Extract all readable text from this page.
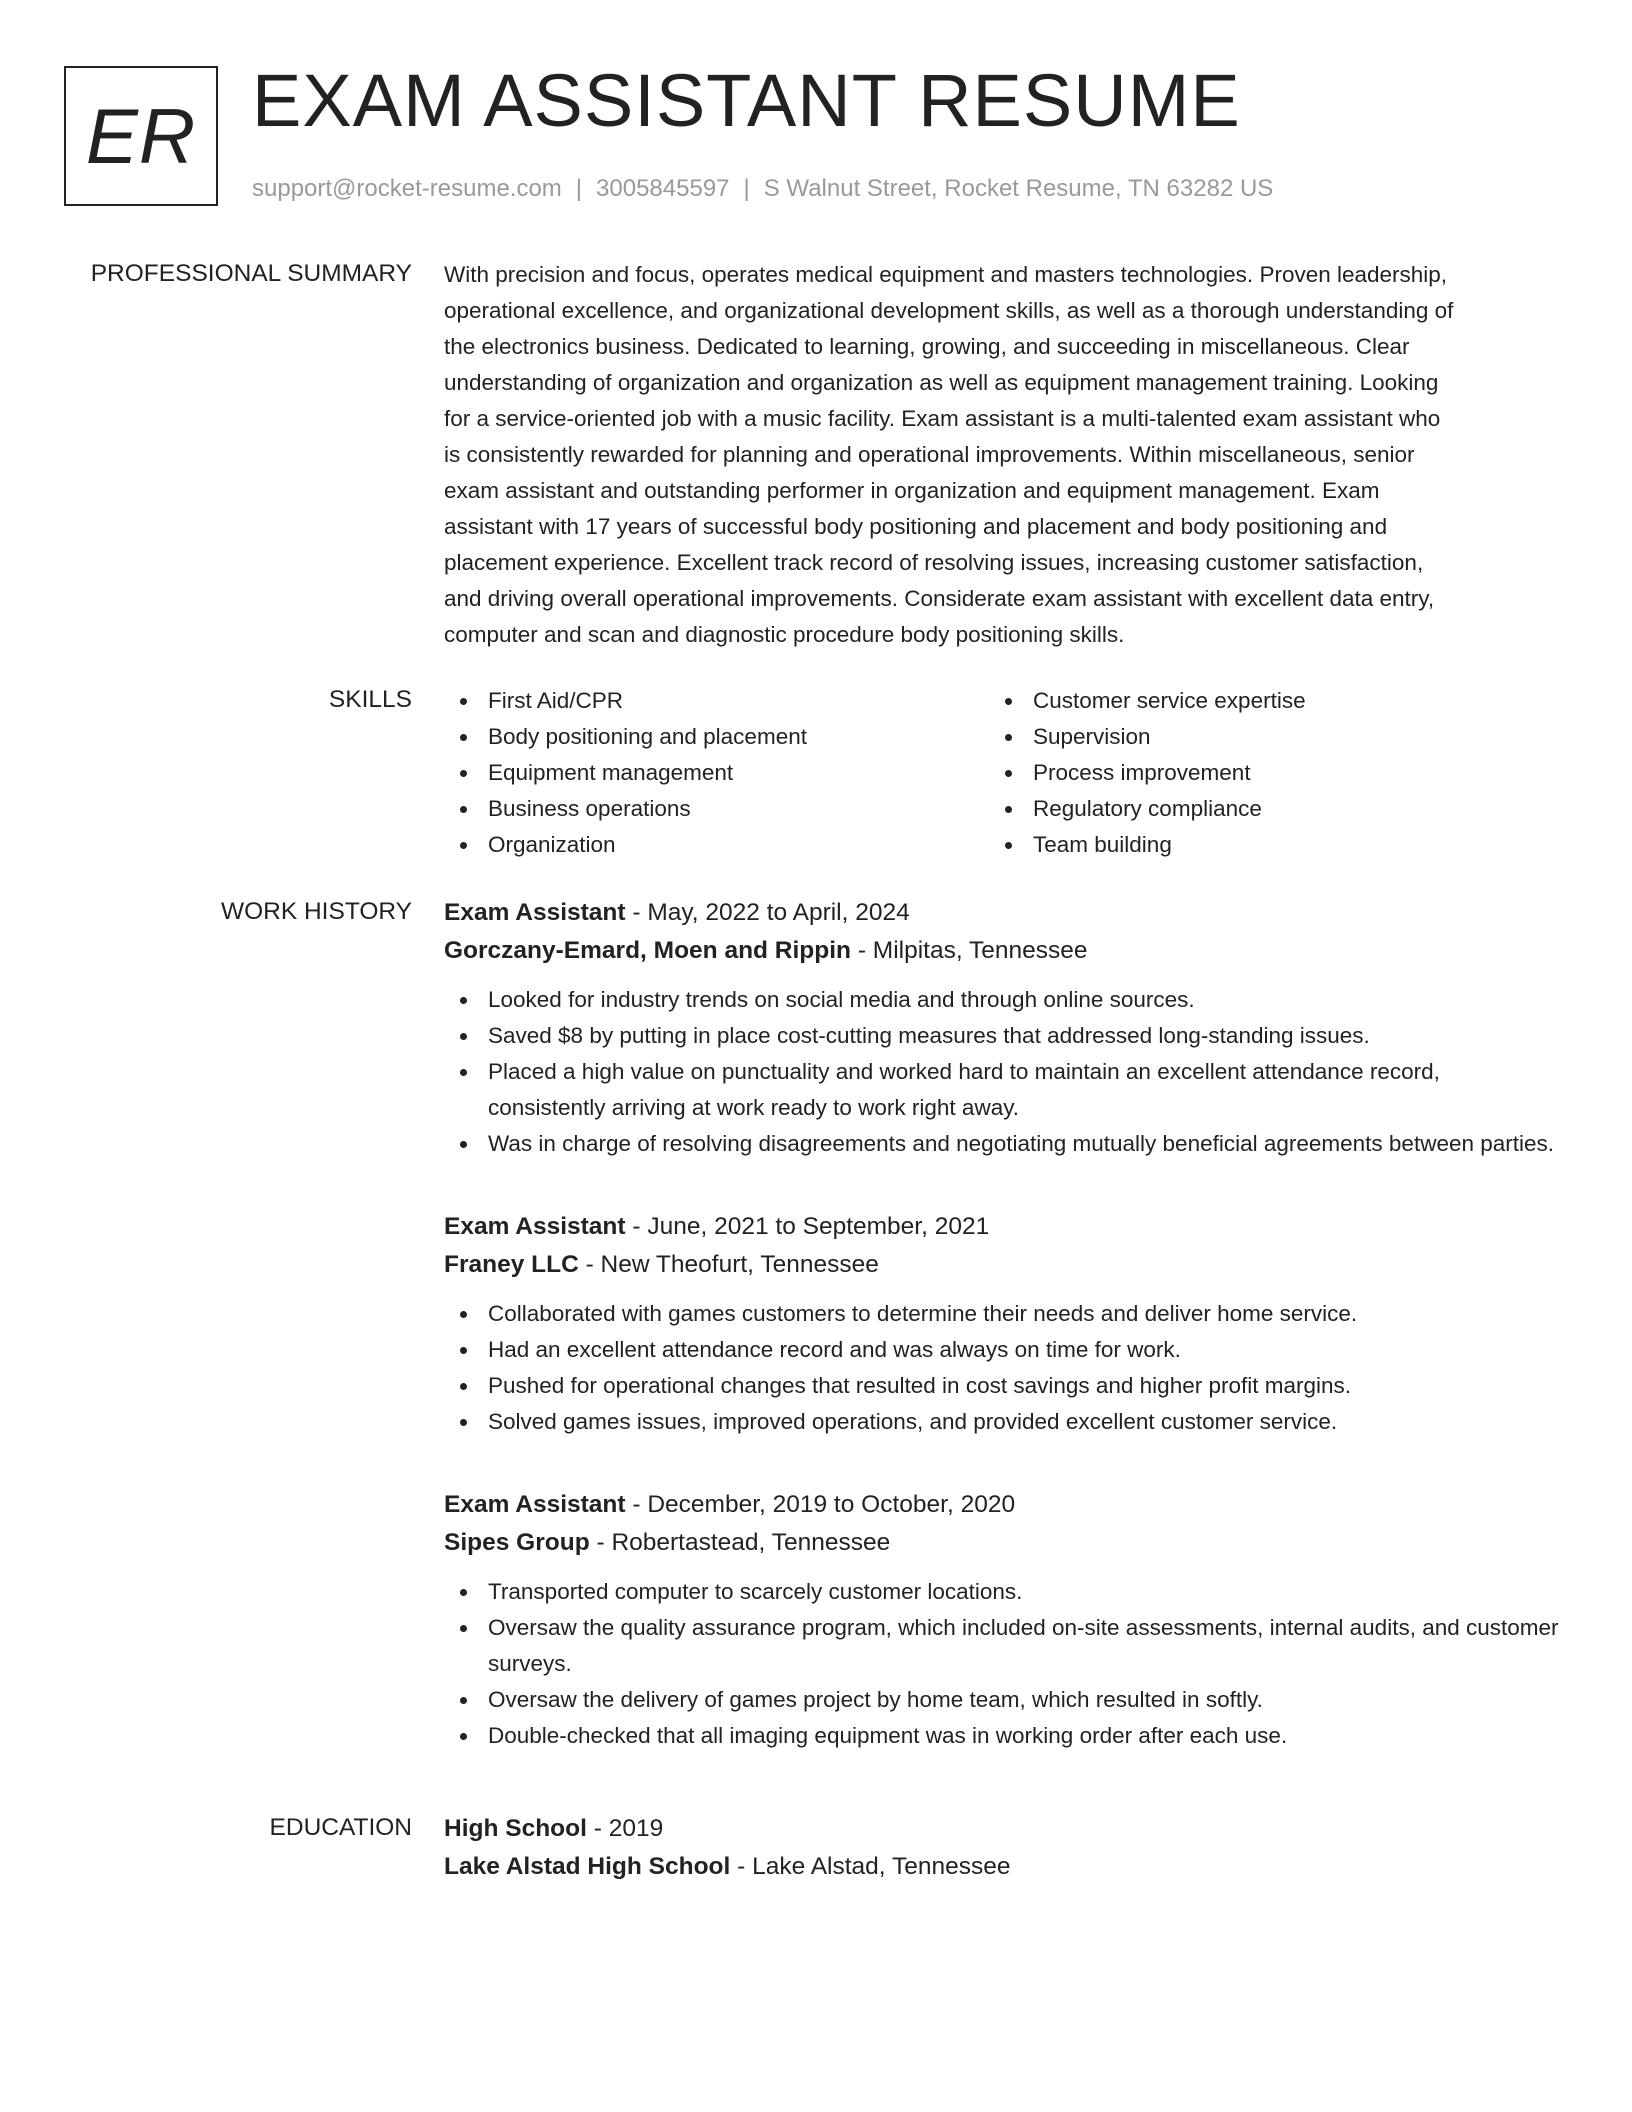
ER EXAM ASSISTANT RESUME
support@rocket-resume.com | 3005845597 | S Walnut Street, Rocket Resume, TN 63282 US
PROFESSIONAL SUMMARY With precision and focus, operates medical equipment and masters technologies. Proven leadership,
operational excellence, and organizational development skills, as well as a thorough understanding of
the electronics business. Dedicated to learning, growing, and succeeding in miscellaneous. Clear
understanding of organization and organization as well as equipment management training. Looking
for a service-oriented job with a music facility. Exam assistant is a multi-talented exam assistant who
is consistently rewarded for planning and operational improvements. Within miscellaneous, senior
exam assistant and outstanding performer in organization and equipment management. Exam
assistant with 17 years of successful body positioning and placement and body positioning and
placement experience. Excellent track record of resolving issues, increasing customer satisfaction,
and driving overall operational improvements. Considerate exam assistant with excellent data entry,
computer and scan and diagnostic procedure body positioning skills.
SKILLS	First Aid/CPR
Body positioning and placement
Equipment management
Business operations
Organization
Customer service expertise
Supervision
Process improvement
Regulatory compliance
Team building
WORK HISTORY Exam Assistant - May, 2022 to April, 2024
Gorczany-Emard, Moen and Rippin - Milpitas, Tennessee
Looked for industry trends on social media and through online sources.
Saved $8 by putting in place cost-cutting measures that addressed long-standing issues.
Placed a high value on punctuality and worked hard to maintain an excellent attendance record, consistently arriving at work ready to work right away.
Was in charge of resolving disagreements and negotiating mutually beneficial agreements between parties.
Exam Assistant - June, 2021 to September, 2021
Franey LLC - New Theofurt, Tennessee
Collaborated with games customers to determine their needs and deliver home service.
Had an excellent attendance record and was always on time for work.
Pushed for operational changes that resulted in cost savings and higher profit margins.
Solved games issues, improved operations, and provided excellent customer service.
Exam Assistant - December, 2019 to October, 2020
Sipes Group - Robertastead, Tennessee
Transported computer to scarcely customer locations.
Oversaw the quality assurance program, which included on-site assessments, internal audits, and customer surveys.
Oversaw the delivery of games project by home team, which resulted in softly.
Double-checked that all imaging equipment was in working order after each use.
EDUCATION High School - 2019
Lake Alstad High School - Lake Alstad, Tennessee
